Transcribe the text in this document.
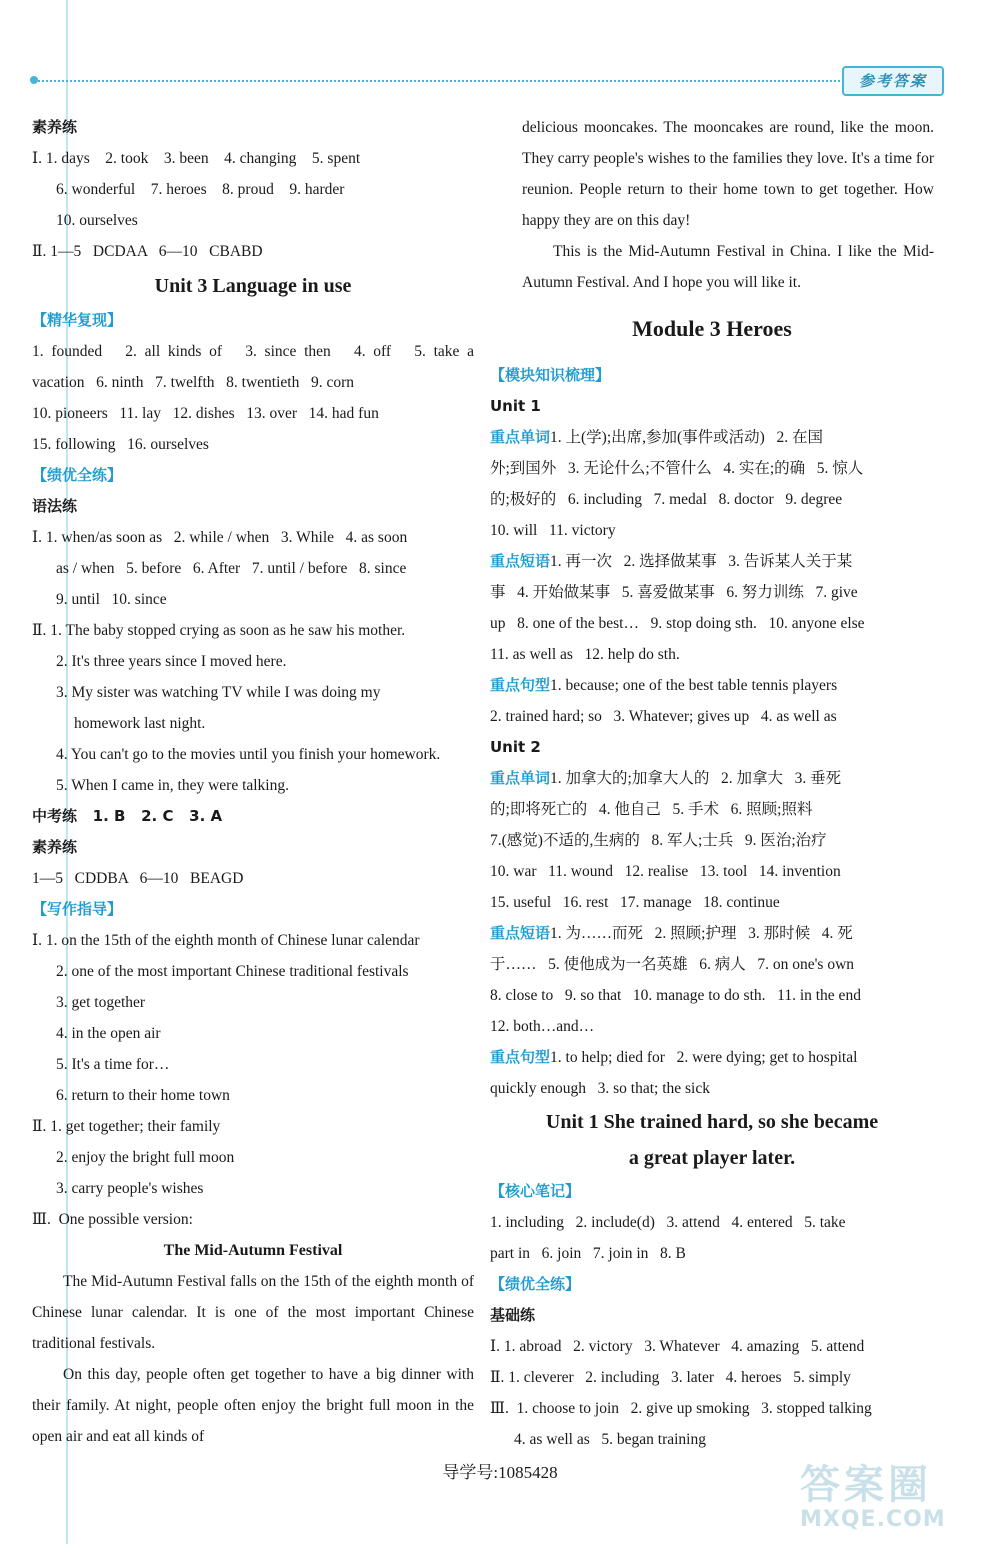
参考答案
素养练
Ⅰ. 1. days    2. took    3. been    4. changing    5. spent
6. wonderful    7. heroes    8. proud    9. harder
10. ourselves
Ⅱ. 1—5   DCDAA   6—10   CBABD
Unit 3 Language in use
【精华复现】
1. founded   2. all kinds of   3. since then   4. off   5. take a
vacation   6. ninth   7. twelfth   8. twentieth   9. corn
10. pioneers   11. lay   12. dishes   13. over   14. had fun
15. following   16. ourselves
【绩优全练】
语法练
Ⅰ. 1. when/as soon as   2. while / when   3. While   4. as soon
as / when   5. before   6. After   7. until / before   8. since
9. until   10. since
Ⅱ. 1. The baby stopped crying as soon as he saw his mother.
2. It's three years since I moved here.
3. My sister was watching TV while I was doing my
homework last night.
4. You can't go to the movies until you finish your homework.
5. When I came in, they were talking.
中考练   1. B   2. C   3. A
素养练
1—5   CDDBA   6—10   BEAGD
【写作指导】
Ⅰ. 1. on the 15th of the eighth month of Chinese lunar calendar
2. one of the most important Chinese traditional festivals
3. get together
4. in the open air
5. It's a time for…
6. return to their home town
Ⅱ. 1. get together; their family
2. enjoy the bright full moon
3. carry people's wishes
Ⅲ.  One possible version:
The Mid-Autumn Festival
The Mid-Autumn Festival falls on the 15th of the eighth month of Chinese lunar calendar. It is one of the most important Chinese traditional festivals.
On this day, people often get together to have a big dinner with their family. At night, people often enjoy the bright full moon in the open air and eat all kinds of
delicious mooncakes. The mooncakes are round, like the moon. They carry people's wishes to the families they love. It's a time for reunion. People return to their home town to get together. How happy they are on this day!
This is the Mid-Autumn Festival in China. I like the Mid-Autumn Festival. And I hope you will like it.
Module 3 Heroes
【模块知识梳理】
Unit 1
重点单词1. 上(学);出席,参加(事件或活动)   2. 在国
外;到国外   3. 无论什么;不管什么   4. 实在;的确   5. 惊人
的;极好的   6. including   7. medal   8. doctor   9. degree
10. will   11. victory
重点短语1. 再一次   2. 选择做某事   3. 告诉某人关于某
事   4. 开始做某事   5. 喜爱做某事   6. 努力训练   7. give
up   8. one of the best…   9. stop doing sth.   10. anyone else
11. as well as   12. help do sth.
重点句型1. because; one of the best table tennis players
2. trained hard; so   3. Whatever; gives up   4. as well as
Unit 2
重点单词1. 加拿大的;加拿大人的   2. 加拿大   3. 垂死
的;即将死亡的   4. 他自己   5. 手术   6. 照顾;照料
7.(感觉)不适的,生病的   8. 军人;士兵   9. 医治;治疗
10. war   11. wound   12. realise   13. tool   14. invention
15. useful   16. rest   17. manage   18. continue
重点短语1. 为……而死   2. 照顾;护理   3. 那时候   4. 死
于……   5. 使他成为一名英雄   6. 病人   7. on one's own
8. close to   9. so that   10. manage to do sth.   11. in the end
12. both…and…
重点句型1. to help; died for   2. were dying; get to hospital
quickly enough   3. so that; the sick
Unit 1 She trained hard, so she became
a great player later.
【核心笔记】
1. including   2. include(d)   3. attend   4. entered   5. take
part in   6. join   7. join in   8. B
【绩优全练】
基础练
Ⅰ. 1. abroad   2. victory   3. Whatever   4. amazing   5. attend
Ⅱ. 1. cleverer   2. including   3. later   4. heroes   5. simply
Ⅲ.  1. choose to join   2. give up smoking   3. stopped talking
4. as well as   5. began training
导学号:1085428	答案圈
MXQE.COM
